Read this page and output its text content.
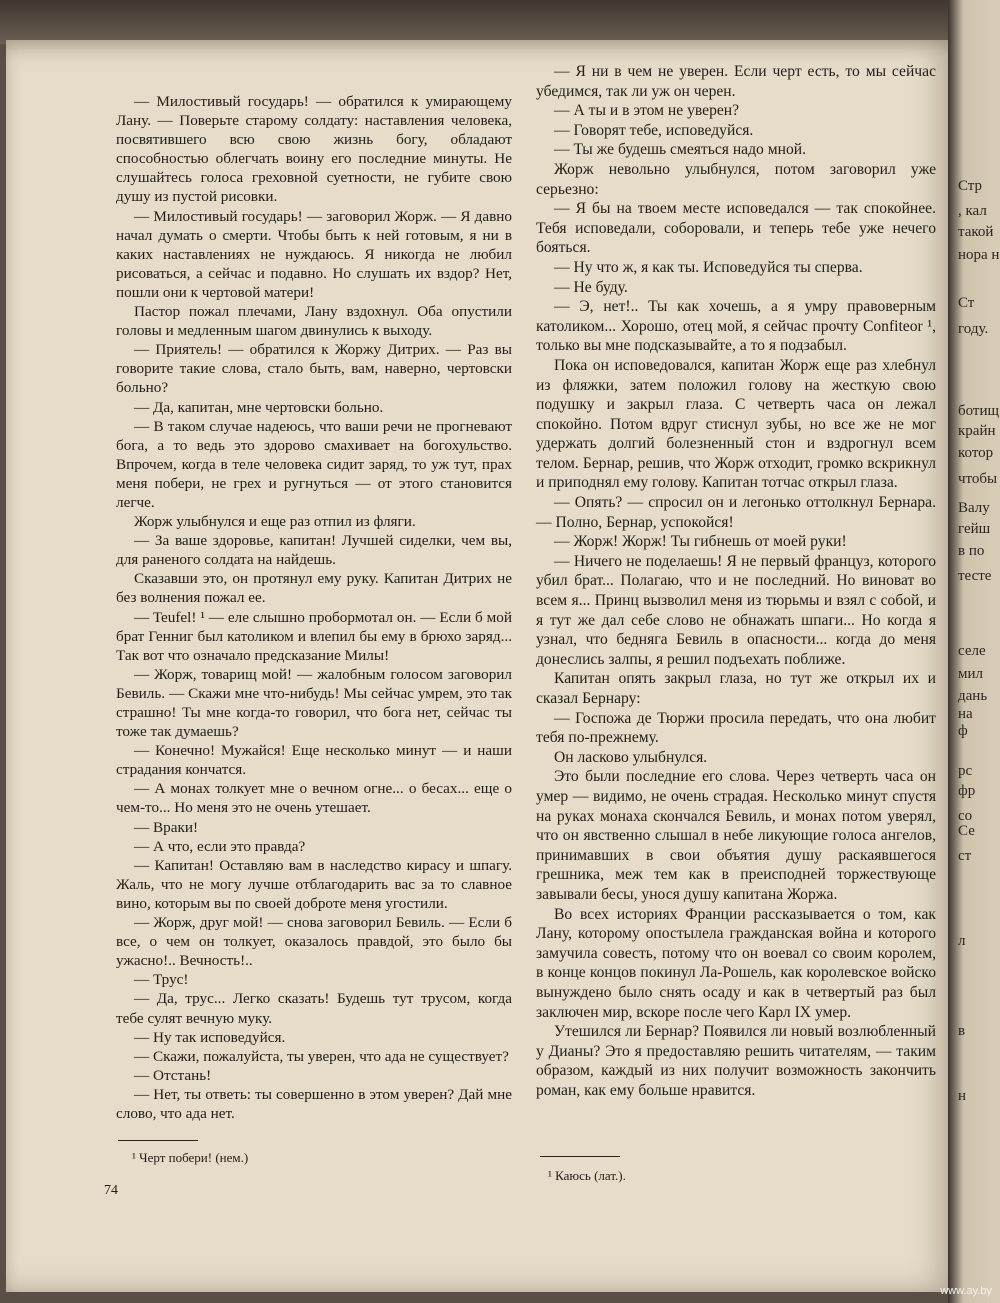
— Милостивый государь! — обратился к умирающему Лану. — Поверьте старому солдату: наставления человека, посвятившего всю свою жизнь богу, обладают способностью облегчать воину его последние минуты. Не слушайтесь голоса греховной суетности, не губите свою душу из пустой рисовки.

— Милостивый государь! — заговорил Жорж. — Я давно начал думать о смерти. Чтобы быть к ней готовым, я ни в каких наставлениях не нуждаюсь. Я никогда не любил рисоваться, а сейчас и подавно. Но слушать их вздор? Нет, пошли они к чертовой матери!

Пастор пожал плечами, Лану вздохнул. Оба опустили головы и медленным шагом двинулись к выходу.

— Приятель! — обратился к Жоржу Дитрих. — Раз вы говорите такие слова, стало быть, вам, наверно, чертовски больно?

— Да, капитан, мне чертовски больно.

— В таком случае надеюсь, что ваши речи не прогневают бога, а то ведь это здорово смахивает на богохульство. Впрочем, когда в теле человека сидит заряд, то уж тут, прах меня побери, не грех и ругнуться — от этого становится легче.

Жорж улыбнулся и еще раз отпил из фляги.

— За ваше здоровье, капитан! Лучшей сиделки, чем вы, для раненого солдата на найдешь.

Сказавши это, он протянул ему руку. Капитан Дитрих не без волнения пожал ее.

— Teufel! ¹ — еле слышно пробормотал он. — Если б мой брат Генниг был католиком и влепил бы ему в брюхо заряд... Так вот что означало предсказание Милы!

— Жорж, товарищ мой! — жалобным голосом заговорил Бевиль. — Скажи мне что-нибудь! Мы сейчас умрем, это так страшно! Ты мне когда-то говорил, что бога нет, сейчас ты тоже так думаешь?

— Конечно! Мужайся! Еще несколько минут — и наши страдания кончатся.

— А монах толкует мне о вечном огне... о бесах... еще о чем-то... Но меня это не очень утешает.

— Враки!

— А что, если это правда?

— Капитан! Оставляю вам в наследство кирасу и шпагу. Жаль, что не могу лучше отблагодарить вас за то славное вино, которым вы по своей доброте меня угостили.

— Жорж, друг мой! — снова заговорил Бевиль. — Если б все, о чем он толкует, оказалось правдой, это было бы ужасно!.. Вечность!..

— Трус!

— Да, трус... Легко сказать! Будешь тут трусом, когда тебе сулят вечную муку.

— Ну так исповедуйся.

— Скажи, пожалуйста, ты уверен, что ада не существует?

— Отстань!

— Нет, ты ответь: ты совершенно в этом уверен? Дай мне слово, что ада нет.

— Я ни в чем не уверен. Если черт есть, то мы сейчас убедимся, так ли уж он черен.

— А ты и в этом не уверен?

— Говорят тебе, исповедуйся.

— Ты же будешь смеяться надо мной.

Жорж невольно улыбнулся, потом заговорил уже серьезно:

— Я бы на твоем месте исповедался — так спокойнее. Тебя исповедали, соборовали, и теперь тебе уже нечего бояться.

— Ну что ж, я как ты. Исповедуйся ты сперва.

— Не буду.

— Э, нет!.. Ты как хочешь, а я умру правоверным католиком... Хорошо, отец мой, я сейчас прочту Confiteor ¹, только вы мне подсказывайте, а то я подзабыл.

Пока он исповедовался, капитан Жорж еще раз хлебнул из фляжки, затем положил голову на жесткую свою подушку и закрыл глаза. С четверть часа он лежал спокойно. Потом вдруг стиснул зубы, но все же не мог удержать долгий болезненный стон и вздрогнул всем телом. Бернар, решив, что Жорж отходит, громко вскрикнул и приподнял ему голову. Капитан тотчас открыл глаза.

— Опять? — спросил он и легонько оттолкнул Бернара. — Полно, Бернар, успокойся!

— Жорж! Жорж! Ты гибнешь от моей руки!

— Ничего не поделаешь! Я не первый француз, которого убил брат... Полагаю, что и не последний. Но виноват во всем я... Принц вызволил меня из тюрьмы и взял с собой, и я тут же дал себе слово не обнажать шпаги... Но когда я узнал, что бедняга Бевиль в опасности... когда до меня донеслись залпы, я решил подъехать поближе.

Капитан опять закрыл глаза, но тут же открыл их и сказал Бернару:

— Госпожа де Тюржи просила передать, что она любит тебя по-прежнему.

Он ласково улыбнулся.

Это были последние его слова. Через четверть часа он умер — видимо, не очень страдая. Несколько минут спустя на руках монаха скончался Бевиль, и монах потом уверял, что он явственно слышал в небе ликующие голоса ангелов, принимавших в свои объятия душу раскаявшегося грешника, меж тем как в преисподней торжествующе завывали бесы, унося душу капитана Жоржа.

Во всех историях Франции рассказывается о том, как Лану, которому опостылела гражданская война и которого замучила совесть, потому что он воевал со своим королем, в конце концов покинул Ла-Рошель, как королевское войско вынуждено было снять осаду и как в четвертый раз был заключен мир, вскоре после чего Карл IX умер.

Утешился ли Бернар? Появился ли новый возлюбленный у Дианы? Это я предоставляю решить читателям, — таким образом, каждый из них получит возможность закончить роман, как ему больше нравится.

¹ Черт побери! (нем.)
¹ Каюсь (лат.).
74
Стр
, кал
такой
нора н
Ст
году.
ботищ
крайн
котор
чтобы
Валу
гейш
в по
тесте
селе
мил
дань
на
ф
рс
фр
со
Се
ст
л
в
н
www.ay.by
